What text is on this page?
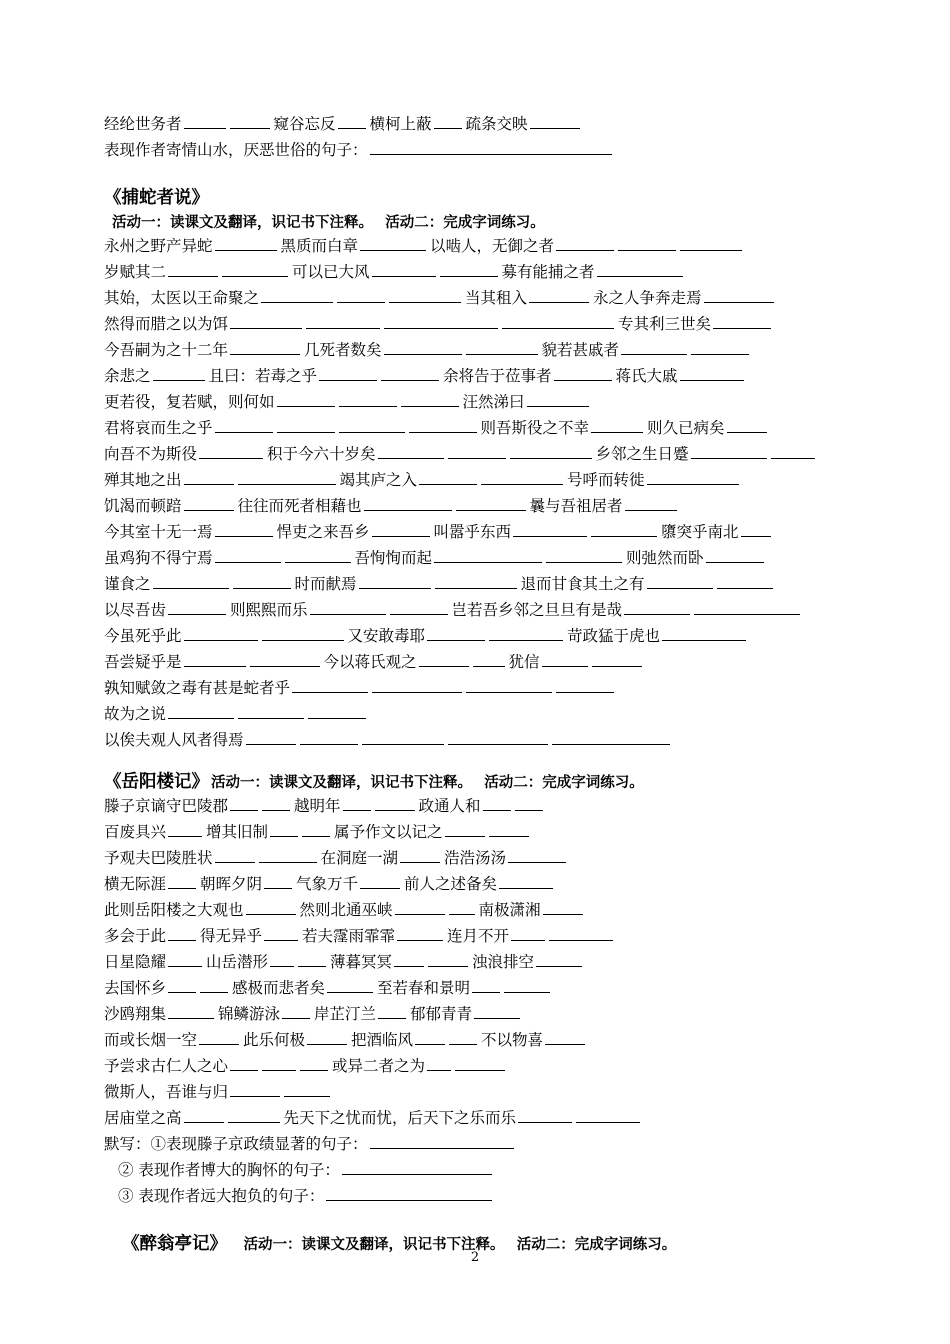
经纶世务者	窥谷忘反 横柯上蔽 疏条交映
表现作者寄情山水，厌恶世俗的句子：
《捕蛇者说》
活动一：读课文及翻译，识记书下注释。　 活动二：完成字词练习。
永州之野产异蛇	黑质而白章	以啮人，无御之者
岁赋其二	可以已大风	募有能捕之者
其始，太医以王命聚之	当其租入	永之人争奔走焉
然得而腊之以为饵	专其利三世矣
今吾嗣为之十二年	几死者数矣	貌若甚戚者
余悲之	且曰：若毒之乎	余将告于莅事者	蒋氏大戚
更若役，复若赋，则何如	汪然涕曰
君将哀而生之乎	则吾斯役之不幸	则久已病矣
向吾不为斯役	积于今六十岁矣	乡邻之生日蹙
殚其地之出	竭其庐之入	号呼而转徙
饥渴而顿踣	往往而死者相藉也	曩与吾祖居者
今其室十无一焉	悍吏之来吾乡	叫嚣乎东西	隳突乎南北
虽鸡狗不得宁焉	吾恂恂而起	则弛然而卧
谨食之	时而献焉	退而甘食其土之有
以尽吾齿	则熙熙而乐	岂若吾乡邻之旦旦有是哉
今虽死乎此	又安敢毒耶	苛政猛于虎也
吾尝疑乎是	今以蒋氏观之	犹信
孰知赋敛之毒有甚是蛇者乎
故为之说
以俟夫观人风者得焉
《岳阳楼记》 活动一：读课文及翻译，识记书下注释。　 活动二：完成字词练习。
滕子京谪守巴陵郡	越明年	政通人和
百废具兴	增其旧制	属予作文以记之
予观夫巴陵胜状	在洞庭一湖	浩浩汤汤
横无际涯 朝晖夕阴 气象万千	前人之述备矣
此则岳阳楼之大观也	然则北通巫峡	南极潇湘
多会于此 得无异乎	若夫霪雨霏霏	连月不开
日星隐耀	山岳潜形	薄暮冥冥	浊浪排空
去国怀乡	感极而悲者矣	至若春和景明
沙鸥翔集	锦鳞游泳 岸芷汀兰 郁郁青青
而或长烟一空	此乐何极	把酒临风	不以物喜
予尝求古仁人之心	或异二者之为
微斯人，吾谁与归
居庙堂之高	先天下之忧而忧，后天下之乐而乐
默写：①表现滕子京政绩显著的句子：
② 表现作者博大的胸怀的句子：
③ 表现作者远大抱负的句子：
《醉翁亭记》　活动一：读课文及翻译，识记书下注释。　 活动二：完成字词练习。
2
